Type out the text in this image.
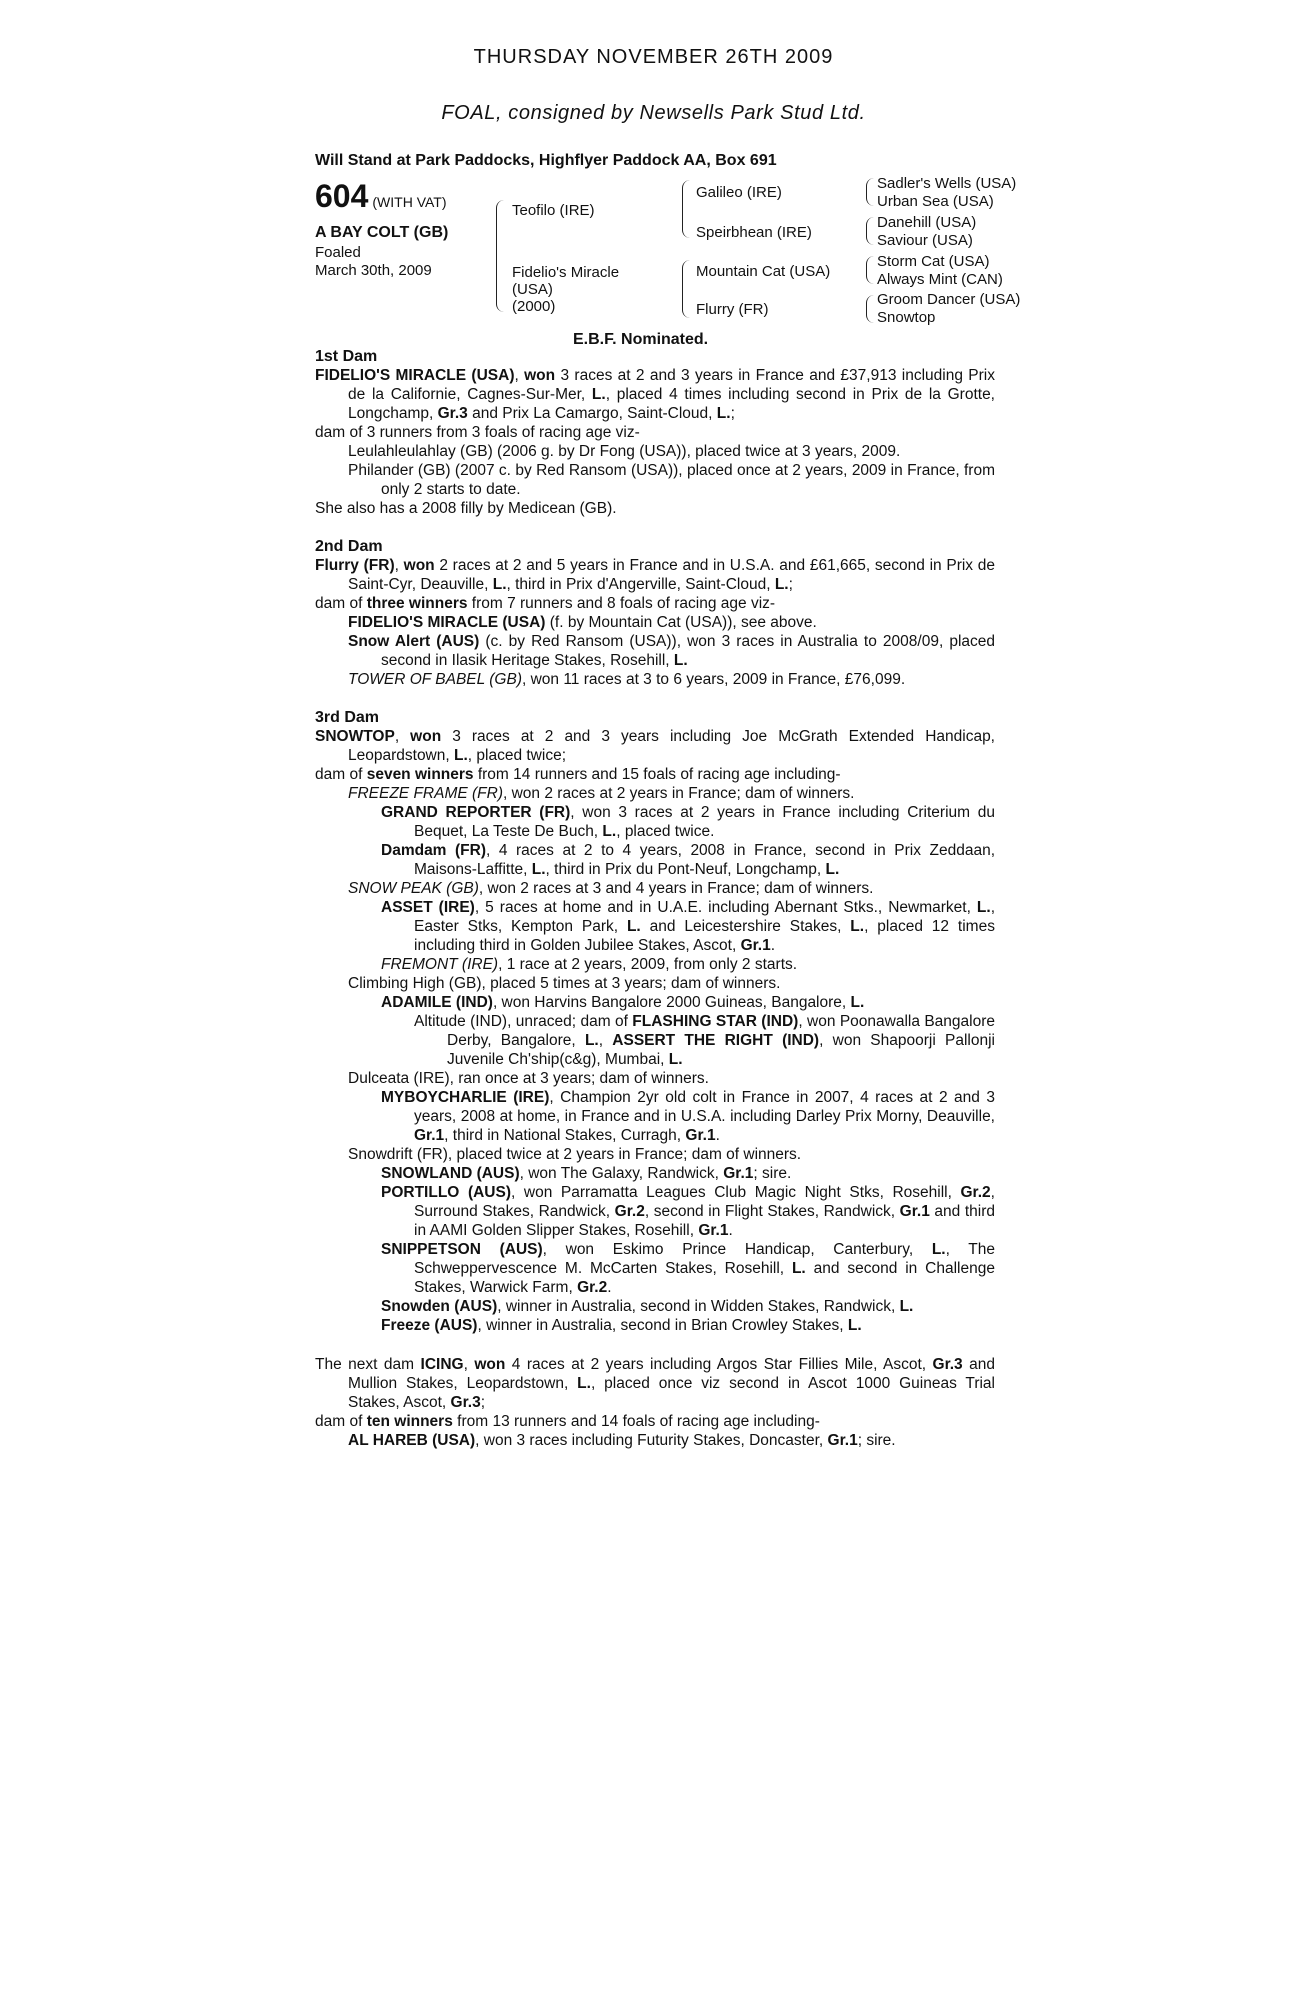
THURSDAY NOVEMBER 26TH 2009
FOAL, consigned by Newsells Park Stud Ltd.
Will Stand at Park Paddocks, Highflyer Paddock AA, Box 691
604 (WITH VAT)
A BAY COLT (GB)
Foaled
March 30th, 2009
Teofilo (IRE)
Fidelio's Miracle
(USA)
(2000)
Galileo (IRE)
Speirbhean (IRE)
Mountain Cat (USA)
Flurry (FR)
Sadler's Wells (USA)
Urban Sea (USA)
Danehill (USA)
Saviour (USA)
Storm Cat (USA)
Always Mint (CAN)
Groom Dancer (USA)
Snowtop
E.B.F. Nominated.

1st Dam

FIDELIO'S MIRACLE (USA), won 3 races at 2 and 3 years in France and £37,913 including Prix de la Californie, Cagnes-Sur-Mer, L., placed 4 times including second in Prix de la Grotte, Longchamp, Gr.3 and Prix La Camargo, Saint-Cloud, L.;

dam of 3 runners from 3 foals of racing age viz-

Leulahleulahlay (GB) (2006 g. by Dr Fong (USA)), placed twice at 3 years, 2009.

Philander (GB) (2007 c. by Red Ransom (USA)), placed once at 2 years, 2009 in France, from only 2 starts to date.

She also has a 2008 filly by Medicean (GB).

2nd Dam

Flurry (FR), won 2 races at 2 and 5 years in France and in U.S.A. and £61,665, second in Prix de Saint-Cyr, Deauville, L., third in Prix d'Angerville, Saint-Cloud, L.;

dam of three winners from 7 runners and 8 foals of racing age viz-

FIDELIO'S MIRACLE (USA) (f. by Mountain Cat (USA)), see above.

Snow Alert (AUS) (c. by Red Ransom (USA)), won 3 races in Australia to 2008/09, placed second in Ilasik Heritage Stakes, Rosehill, L.

TOWER OF BABEL (GB), won 11 races at 3 to 6 years, 2009 in France, £76,099.

3rd Dam

SNOWTOP, won 3 races at 2 and 3 years including Joe McGrath Extended Handicap, Leopardstown, L., placed twice;

dam of seven winners from 14 runners and 15 foals of racing age including-

FREEZE FRAME (FR), won 2 races at 2 years in France; dam of winners.

GRAND REPORTER (FR), won 3 races at 2 years in France including Criterium du Bequet, La Teste De Buch, L., placed twice.

Damdam (FR), 4 races at 2 to 4 years, 2008 in France, second in Prix Zeddaan, Maisons-Laffitte, L., third in Prix du Pont-Neuf, Longchamp, L.

SNOW PEAK (GB), won 2 races at 3 and 4 years in France; dam of winners.

ASSET (IRE), 5 races at home and in U.A.E. including Abernant Stks., Newmarket, L., Easter Stks, Kempton Park, L. and Leicestershire Stakes, L., placed 12 times including third in Golden Jubilee Stakes, Ascot, Gr.1.

FREMONT (IRE), 1 race at 2 years, 2009, from only 2 starts.

Climbing High (GB), placed 5 times at 3 years; dam of winners.

ADAMILE (IND), won Harvins Bangalore 2000 Guineas, Bangalore, L.

Altitude (IND), unraced; dam of FLASHING STAR (IND), won Poonawalla Bangalore Derby, Bangalore, L., ASSERT THE RIGHT (IND), won Shapoorji Pallonji Juvenile Ch'ship(c&g), Mumbai, L.

Dulceata (IRE), ran once at 3 years; dam of winners.

MYBOYCHARLIE (IRE), Champion 2yr old colt in France in 2007, 4 races at 2 and 3 years, 2008 at home, in France and in U.S.A. including Darley Prix Morny, Deauville, Gr.1, third in National Stakes, Curragh, Gr.1.

Snowdrift (FR), placed twice at 2 years in France; dam of winners.

SNOWLAND (AUS), won The Galaxy, Randwick, Gr.1; sire.

PORTILLO (AUS), won Parramatta Leagues Club Magic Night Stks, Rosehill, Gr.2, Surround Stakes, Randwick, Gr.2, second in Flight Stakes, Randwick, Gr.1 and third in AAMI Golden Slipper Stakes, Rosehill, Gr.1.

SNIPPETSON (AUS), won Eskimo Prince Handicap, Canterbury, L., The Schweppervescence M. McCarten Stakes, Rosehill, L. and second in Challenge Stakes, Warwick Farm, Gr.2.

Snowden (AUS), winner in Australia, second in Widden Stakes, Randwick, L.

Freeze (AUS), winner in Australia, second in Brian Crowley Stakes, L.

The next dam ICING, won 4 races at 2 years including Argos Star Fillies Mile, Ascot, Gr.3 and Mullion Stakes, Leopardstown, L., placed once viz second in Ascot 1000 Guineas Trial Stakes, Ascot, Gr.3;

dam of ten winners from 13 runners and 14 foals of racing age including-

AL HAREB (USA), won 3 races including Futurity Stakes, Doncaster, Gr.1; sire.
